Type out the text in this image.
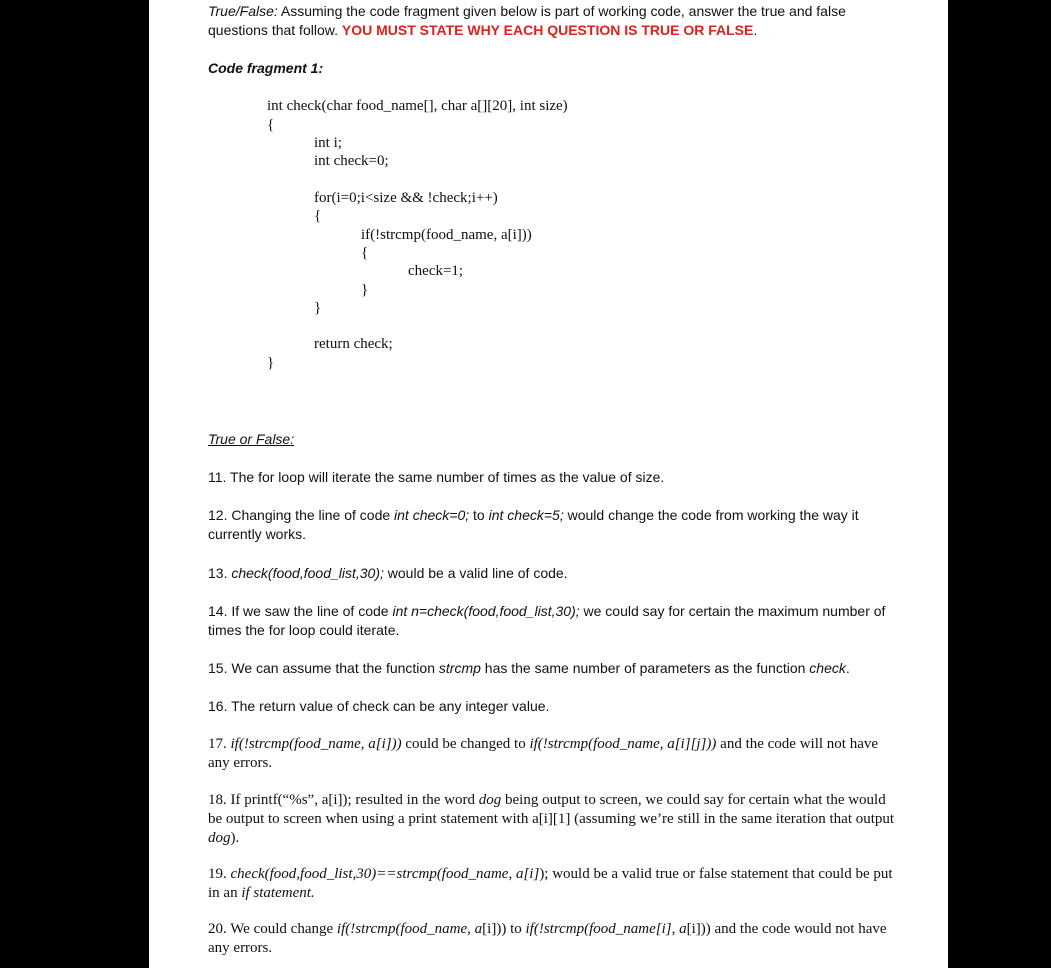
True/False: Assuming the code fragment given below is part of working code, answer the true and false questions that follow. YOU MUST STATE WHY EACH QUESTION IS TRUE OR FALSE.
Code fragment 1:
int check(char food_name[], char a[][20], int size)
{
int i;
int check=0;
for(i=0;i<size && !check;i++)
{
if(!strcmp(food_name, a[i]))
{
check=1;
}
}
return check;
}
True or False:
11. The for loop will iterate the same number of times as the value of size.
12. Changing the line of code int check=0; to int check=5; would change the code from working the way it currently works.
13. check(food,food_list,30); would be a valid line of code.
14. If we saw the line of code int n=check(food,food_list,30); we could say for certain the maximum number of times the for loop could iterate.
15. We can assume that the function strcmp has the same number of parameters as the function check.
16. The return value of check can be any integer value.
17. if(!strcmp(food_name, a[i])) could be changed to if(!strcmp(food_name, a[i][j])) and the code will not have any errors.
18. If printf(“%s”, a[i]); resulted in the word dog being output to screen, we could say for certain what the would be output to screen when using a print statement with a[i][1] (assuming we’re still in the same iteration that output dog).
19. check(food,food_list,30)==strcmp(food_name, a[i]); would be a valid true or false statement that could be put in an if statement.
20. We could change if(!strcmp(food_name, a[i])) to if(!strcmp(food_name[i], a[i])) and the code would not have any errors.
